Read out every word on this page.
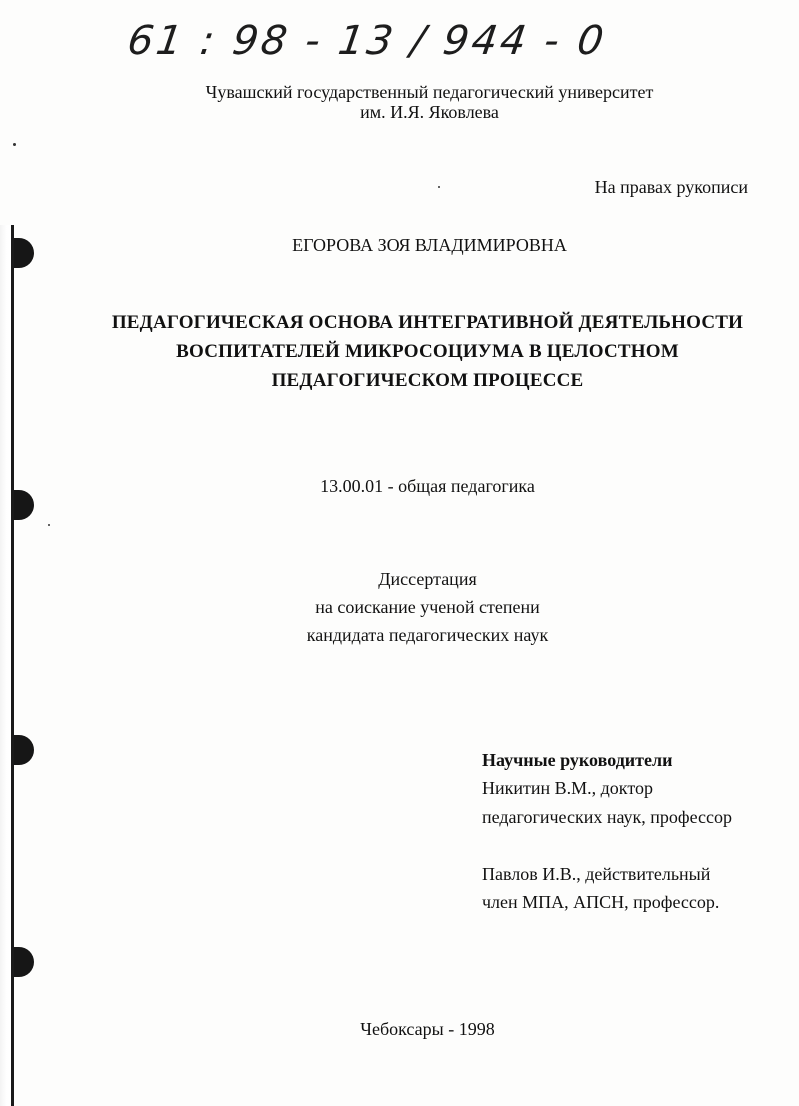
61 : 98 - 13 / 944 - 0
Чувашский государственный педагогический университет
им. И.Я. Яковлева
На правах рукописи
ЕГОРОВА ЗОЯ ВЛАДИМИРОВНА
ПЕДАГОГИЧЕСКАЯ ОСНОВА ИНТЕГРАТИВНОЙ ДЕЯТЕЛЬНОСТИ
ВОСПИТАТЕЛЕЙ МИКРОСОЦИУМА В ЦЕЛОСТНОМ
ПЕДАГОГИЧЕСКОМ ПРОЦЕССЕ
13.00.01 - общая педагогика
Диссертация
на соискание ученой степени
кандидата педагогических наук
Научные руководители
Никитин В.М., доктор
педагогических наук, профессор
Павлов И.В., действительный
член МПА, АПСН, профессор.
Чебоксары - 1998
